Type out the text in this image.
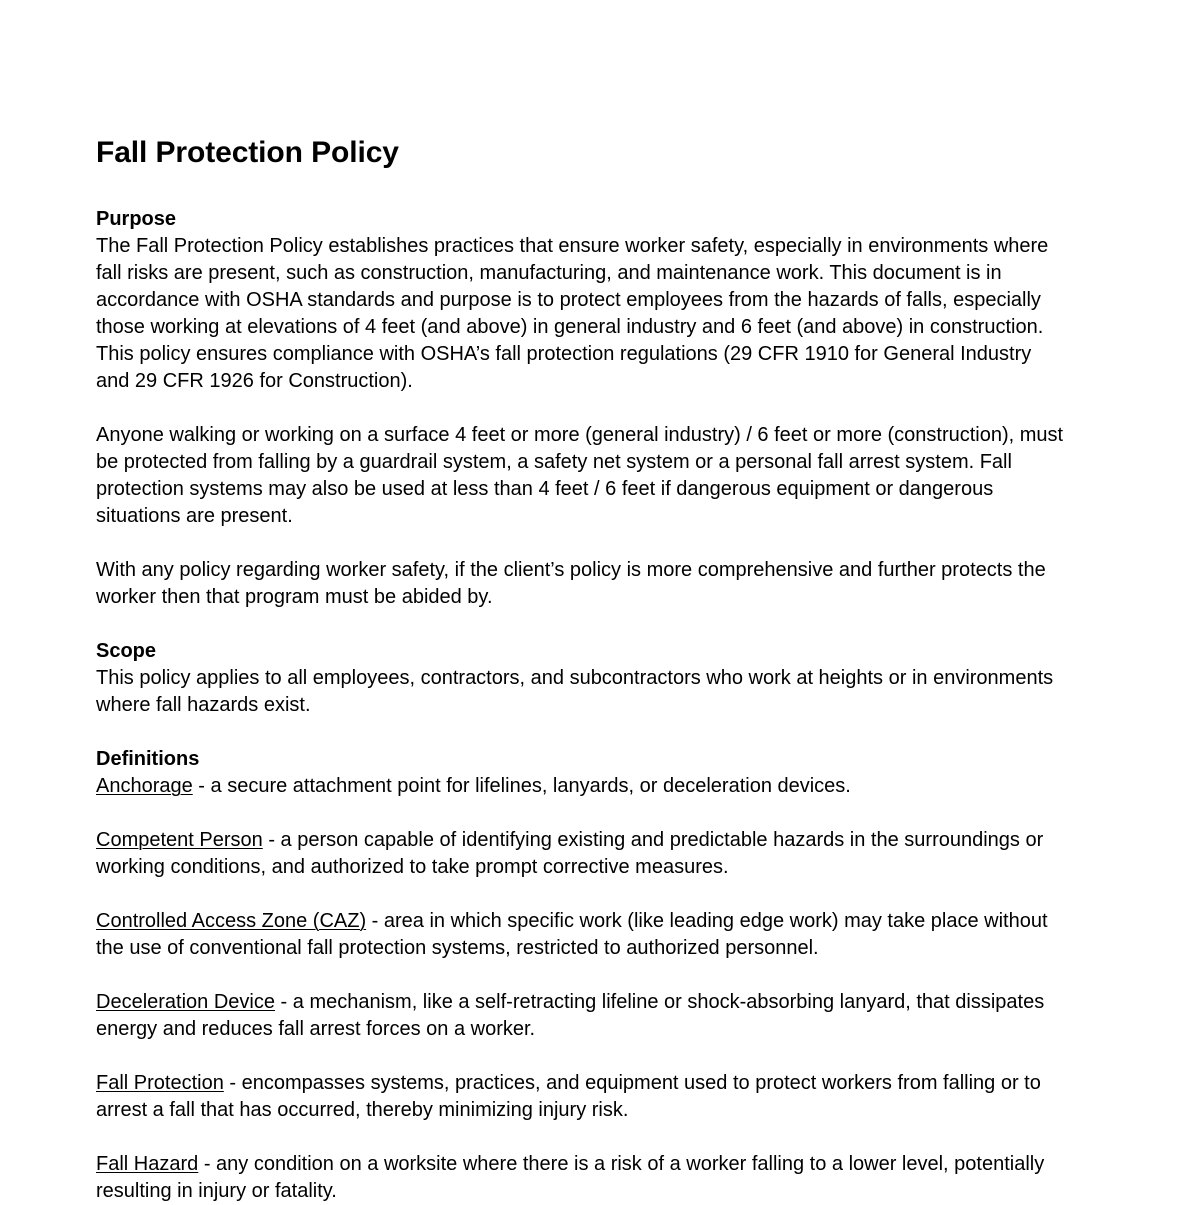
Fall Protection Policy
Purpose

The Fall Protection Policy establishes practices that ensure worker safety, especially in environments where fall risks are present, such as construction, manufacturing, and maintenance work. This document is in accordance with OSHA standards and purpose is to protect employees from the hazards of falls, especially those working at elevations of 4 feet (and above) in general industry and 6 feet (and above) in construction. This policy ensures compliance with OSHA’s fall protection regulations (29 CFR 1910 for General Industry and 29 CFR 1926 for Construction).

Anyone walking or working on a surface 4 feet or more (general industry) / 6 feet or more (construction), must be protected from falling by a guardrail system, a safety net system or a personal fall arrest system. Fall protection systems may also be used at less than 4 feet / 6 feet if dangerous equipment or dangerous situations are present.

With any policy regarding worker safety, if the client’s policy is more comprehensive and further protects the worker then that program must be abided by.

Scope

This policy applies to all employees, contractors, and subcontractors who work at heights or in environments where fall hazards exist.

Definitions
Anchorage - a secure attachment point for lifelines, lanyards, or deceleration devices.
Competent Person - a person capable of identifying existing and predictable hazards in the surroundings or working conditions, and authorized to take prompt corrective measures.
Controlled Access Zone (CAZ) - area in which specific work (like leading edge work) may take place without the use of conventional fall protection systems, restricted to authorized personnel.
Deceleration Device - a mechanism, like a self-retracting lifeline or shock-absorbing lanyard, that dissipates energy and reduces fall arrest forces on a worker.
Fall Protection - encompasses systems, practices, and equipment used to protect workers from falling or to arrest a fall that has occurred, thereby minimizing injury risk.
Fall Hazard - any condition on a worksite where there is a risk of a worker falling to a lower level, potentially resulting in injury or fatality.
